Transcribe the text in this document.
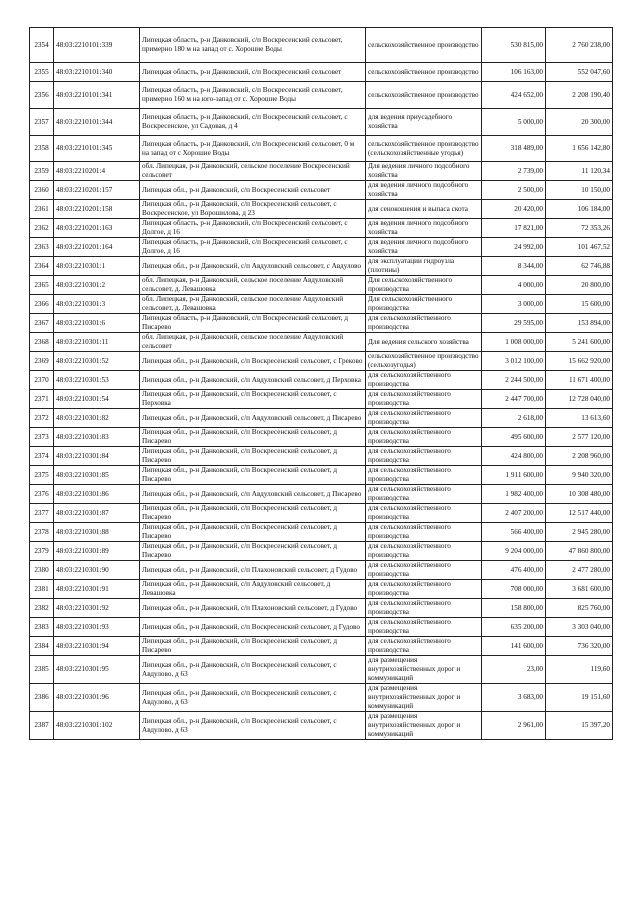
2354	48:03:2210101:339	Липецкая область, р-н Данковский, с/п Воскресенский сельсовет, примерно 180 м на запад от с. Хорошие Воды	сельскохозяйственное производство	530 815,00	2 760 238,00
2355	48:03:2210101:340	Липецкая область, р-н Данковский, с/п Воскресенский сельсовет	сельскохозяйственное производство	106 163,00	552 047,60
2356	48:03:2210101:341	Липецкая область, р-н Данковский, с/п Воскресенский сельсовет, примерно 160 м на юго-запад от с. Хорошие Воды	сельскохозяйственное производство	424 652,00	2 208 190,40
2357	48:03:2210101:344	Липецкая область, р-н Данковский, с/п Воскресенский сельсовет, с Воскресенское, ул Садовая, д 4	для ведения приусадебного хозяйства	5 000,00	20 300,00
2358	48:03:2210101:345	Липецкая область, р-н Данковский, с/п Воскресенский сельсовет, 0 м на запад от с Хорошие Воды	сельскохозяйственное производство (сельскохозяйственные угодья)	318 489,00	1 656 142,80
2359	48:03:2210201:4	обл. Липецкая, р-н Данковский, сельское поселение Воскресенский сельсовет	Для ведения личного подсобного хозяйства	2 739,00	11 120,34
2360	48:03:2210201:157	Липецкая обл., р-н Данковский, с/п Воскресенский сельсовет	для ведения личного подсобного хозяйства	2 500,00	10 150,00
2361	48:03:2210201:158	Липецкая обл., р-н Данковский, с/п Воскресенский сельсовет, с Воскресенское, ул Ворошилова, д 23	для сенокошения и выпаса скота	20 420,00	106 184,00
2362	48:03:2210201:163	Липецкая область, р-н Данковский, с/п Воскресенский сельсовет, с Долгое, д 16	для ведения личного подсобного хозяйства	17 821,00	72 353,26
2363	48:03:2210201:164	Липецкая область, р-н Данковский, с/п Воскресенский сельсовет, с Долгое, д 16	для ведения личного подсобного хозяйства	24 992,00	101 467,52
2364	48:03:2210301:1	Липецкая обл., р-н Данковский, с/п Авдуловский сельсовет, с Авдулово	для эксплуатации гидроузла (плотины)	8 344,00	62 746,88
2365	48:03:2210301:2	обл. Липецкая, р-н Данковский, сельское поселение Авдуловский сельсовет, д. Левашовка	Для сельскохозяйственного производства	4 000,00	20 800,00
2366	48:03:2210301:3	обл. Липецкая, р-н Данковский, сельское поселение Авдуловский сельсовет, д. Левашовка	Для сельскохозяйственного производства	3 000,00	15 600,00
2367	48:03:2210301:6	Липецкая область, р-н Данковский, с/п Воскресенский сельсовет, д Писарево	для сельскохозяйственного производства	29 595,00	153 894,00
2368	48:03:2210301:11	обл. Липецкая, р-н Данковский, сельское поселение Авдуловский сельсовет	Для ведения сельского хозяйства	1 008 000,00	5 241 600,00
2369	48:03:2210301:52	Липецкая обл., р-н Данковский, с/п Воскресенский сельсовет, с Греково	сельскохозяйственное производство (сельхозугодья)	3 012 100,00	15 662 920,00
2370	48:03:2210301:53	Липецкая обл., р-н Данковский, с/п Авдуловский сельсовет, д Перховка	для сельскохозяйственного производства	2 244 500,00	11 671 400,00
2371	48:03:2210301:54	Липецкая обл., р-н Данковский, с/п Воскресенский сельсовет, с Перховка	для сельскохозяйственного производства	2 447 700,00	12 728 040,00
2372	48:03:2210301:82	Липецкая обл., р-н Данковский, с/п Авдуловский сельсовет, д Писарево	для сельскохозяйственного производства	2 618,00	13 613,60
2373	48:03:2210301:83	Липецкая обл., р-н Данковский, с/п Воскресенский сельсовет, д Писарево	для сельскохозяйственного производства	495 600,00	2 577 120,00
2374	48:03:2210301:84	Липецкая обл., р-н Данковский, с/п Воскресенский сельсовет, д Писарево	для сельскохозяйственного производства	424 800,00	2 208 960,00
2375	48:03:2210301:85	Липецкая обл., р-н Данковский, с/п Воскресенский сельсовет, д Писарево	для сельскохозяйственного производства	1 911 600,00	9 940 320,00
2376	48:03:2210301:86	Липецкая обл., р-н Данковский, с/п Авдуловский сельсовет, д Писарево	для сельскохозяйственного производства	1 982 400,00	10 308 480,00
2377	48:03:2210301:87	Липецкая обл., р-н Данковский, с/п Воскресенский сельсовет, д Писарево	для сельскохозяйственного производства	2 407 200,00	12 517 440,00
2378	48:03:2210301:88	Липецкая обл., р-н Данковский, с/п Воскресенский сельсовет, д Писарево	для сельскохозяйственного производства	566 400,00	2 945 280,00
2379	48:03:2210301:89	Липецкая обл., р-н Данковский, с/п Воскресенский сельсовет, д Писарево	для сельскохозяйственного производства	9 204 000,00	47 860 800,00
2380	48:03:2210301:90	Липецкая обл., р-н Данковский, с/п Плахоновский сельсовет, д Гудово	для сельскохозяйственного производства	476 400,00	2 477 280,00
2381	48:03:2210301:91	Липецкая обл., р-н Данковский, с/п Авдуловский сельсовет, д Левашовка	для сельскохозяйственного производства	708 000,00	3 681 600,00
2382	48:03:2210301:92	Липецкая обл., р-н Данковский, с/п Плахоновский сельсовет, д Гудово	для сельскохозяйственного производства	158 800,00	825 760,00
2383	48:03:2210301:93	Липецкая обл., р-н Данковский, с/п Воскресенский сельсовет, д Гудово	для сельскохозяйственного производства	635 200,00	3 303 040,00
2384	48:03:2210301:94	Липецкая обл., р-н Данковский, с/п Воскресенский сельсовет, д Писарево	для сельскохозяйственного производства	141 600,00	736 320,00
2385	48:03:2210301:95	Липецкая обл., р-н Данковский, с/п Воскресенский сельсовет, с Авдулово, д 63	для размещения внутрихозяйственных дорог и коммуникаций	23,00	119,60
2386	48:03:2210301:96	Липецкая обл., р-н Данковский, с/п Воскресенский сельсовет, с Авдулово, д 63	для размещения внутрихозяйственных дорог и коммуникаций	3 683,00	19 151,60
2387	48:03:2210301:102	Липецкая обл., р-н Данковский, с/п Воскресенский сельсовет, с Авдулово, д 63	для размещения внутрихозяйственных дорог и коммуникаций	2 961,00	15 397,20
